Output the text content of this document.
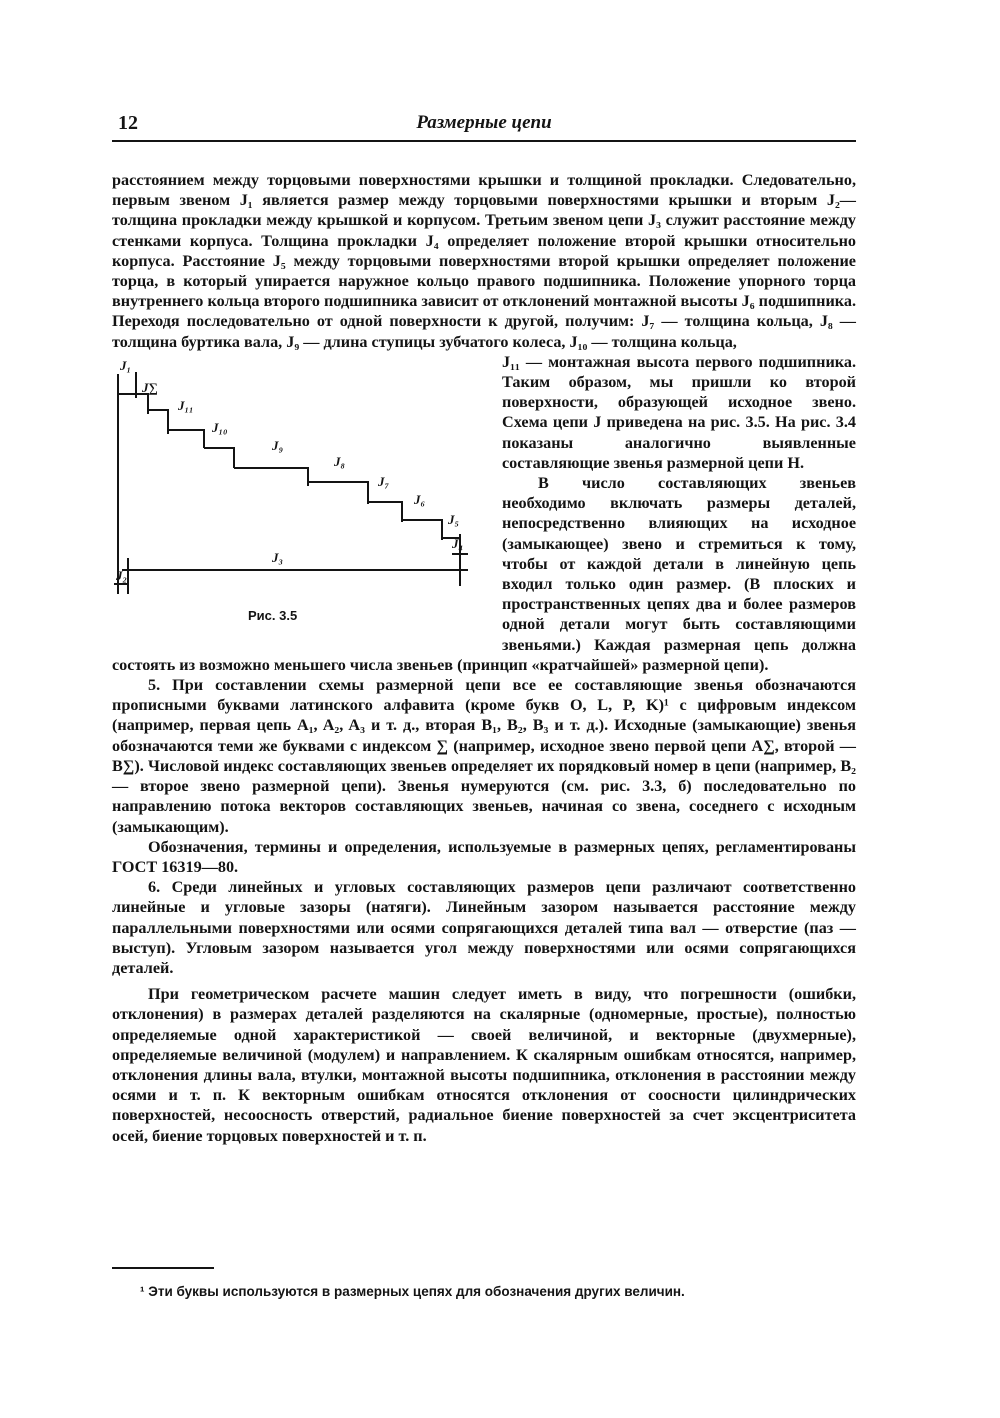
12	Размерные цепи

расстоянием между торцовыми поверхностями крышки и толщиной прокладки. Следовательно, первым звеном J₁ является размер между торцовыми поверхностями крышки и вторым J₂—толщина прокладки между крышкой и корпусом. Третьим звеном цепи J₃ служит расстояние между стенками корпуса. Толщина прокладки J₄ определяет положение второй крышки относительно корпуса. Расстояние J₅ между торцовыми поверхностями второй крышки определяет положение торца, в который упирается наружное кольцо правого подшипника. Положение упорного торца внутреннего кольца второго подшипника зависит от отклонений монтажной высоты J₆ подшипника. Переходя последовательно от одной поверхности к другой, получим: J₇ — толщина кольца, J₈ — толщина буртика вала, J₉ — длина ступицы зубчатого колеса, J₁₀ — толщина кольца,

J₁
J∑
J₁₁
J₁₀
J₉
J₈
J₇
J₆
J₅
J₄
J₃
J₂
Рис. 3.5

J₁₁ — монтажная высота первого подшипника. Таким образом, мы пришли ко второй поверхности, образующей исходное звено. Схема цепи J приведена на рис. 3.5. На рис. 3.4 показаны аналогично выявленные составляющие звенья размерной цепи H.

В число составляющих звеньев необходимо включать размеры деталей, непосредственно влияющих на исходное (замыкающее) звено и стремиться к тому, чтобы от каждой детали в линейную цепь входил только один размер. (В плоских и пространственных цепях два и более размеров одной детали могут быть составляющими звеньями.) Каждая размерная цепь должна состоять из возможно меньшего числа звеньев (принцип «кратчайшей» размерной цепи).

5. При составлении схемы размерной цепи все ее составляющие звенья обозначаются прописными буквами латинского алфавита (кроме букв O, L, P, K)¹ с цифровым индексом (например, первая цепь A₁, A₂, A₃ и т. д., вторая B₁, B₂, B₃ и т. д.). Исходные (замыкающие) звенья обозначаются теми же буквами с индексом ∑ (например, исходное звено первой цепи A∑, второй — B∑). Числовой индекс составляющих звеньев определяет их порядковый номер в цепи (например, B₂ — второе звено размерной цепи). Звенья нумеруются (см. рис. 3.3, б) последовательно по направлению потока векторов составляющих звеньев, начиная со звена, соседнего с исходным (замыкающим).

Обозначения, термины и определения, используемые в размерных цепях, регламентированы ГОСТ 16319—80.

6. Среди линейных и угловых составляющих размеров цепи различают соответственно линейные и угловые зазоры (натяги). Линейным зазором называется расстояние между параллельными поверхностями или осями сопрягающихся деталей типа вал — отверстие (паз — выступ). Угловым зазором называется угол между поверхностями или осями сопрягающихся деталей.

При геометрическом расчете машин следует иметь в виду, что погрешности (ошибки, отклонения) в размерах деталей разделяются на скалярные (одномерные, простые), полностью определяемые одной характеристикой — своей величиной, и векторные (двухмерные), определяемые величиной (модулем) и направлением. К скалярным ошибкам относятся, например, отклонения длины вала, втулки, монтажной высоты подшипника, отклонения в расстоянии между осями и т. п. К векторным ошибкам относятся отклонения от соосности цилиндрических поверхностей, несоосность отверстий, радиальное биение поверхностей за счет эксцентриситета осей, биение торцовых поверхностей и т. п.

¹ Эти буквы используются в размерных цепях для обозначения других величин.
